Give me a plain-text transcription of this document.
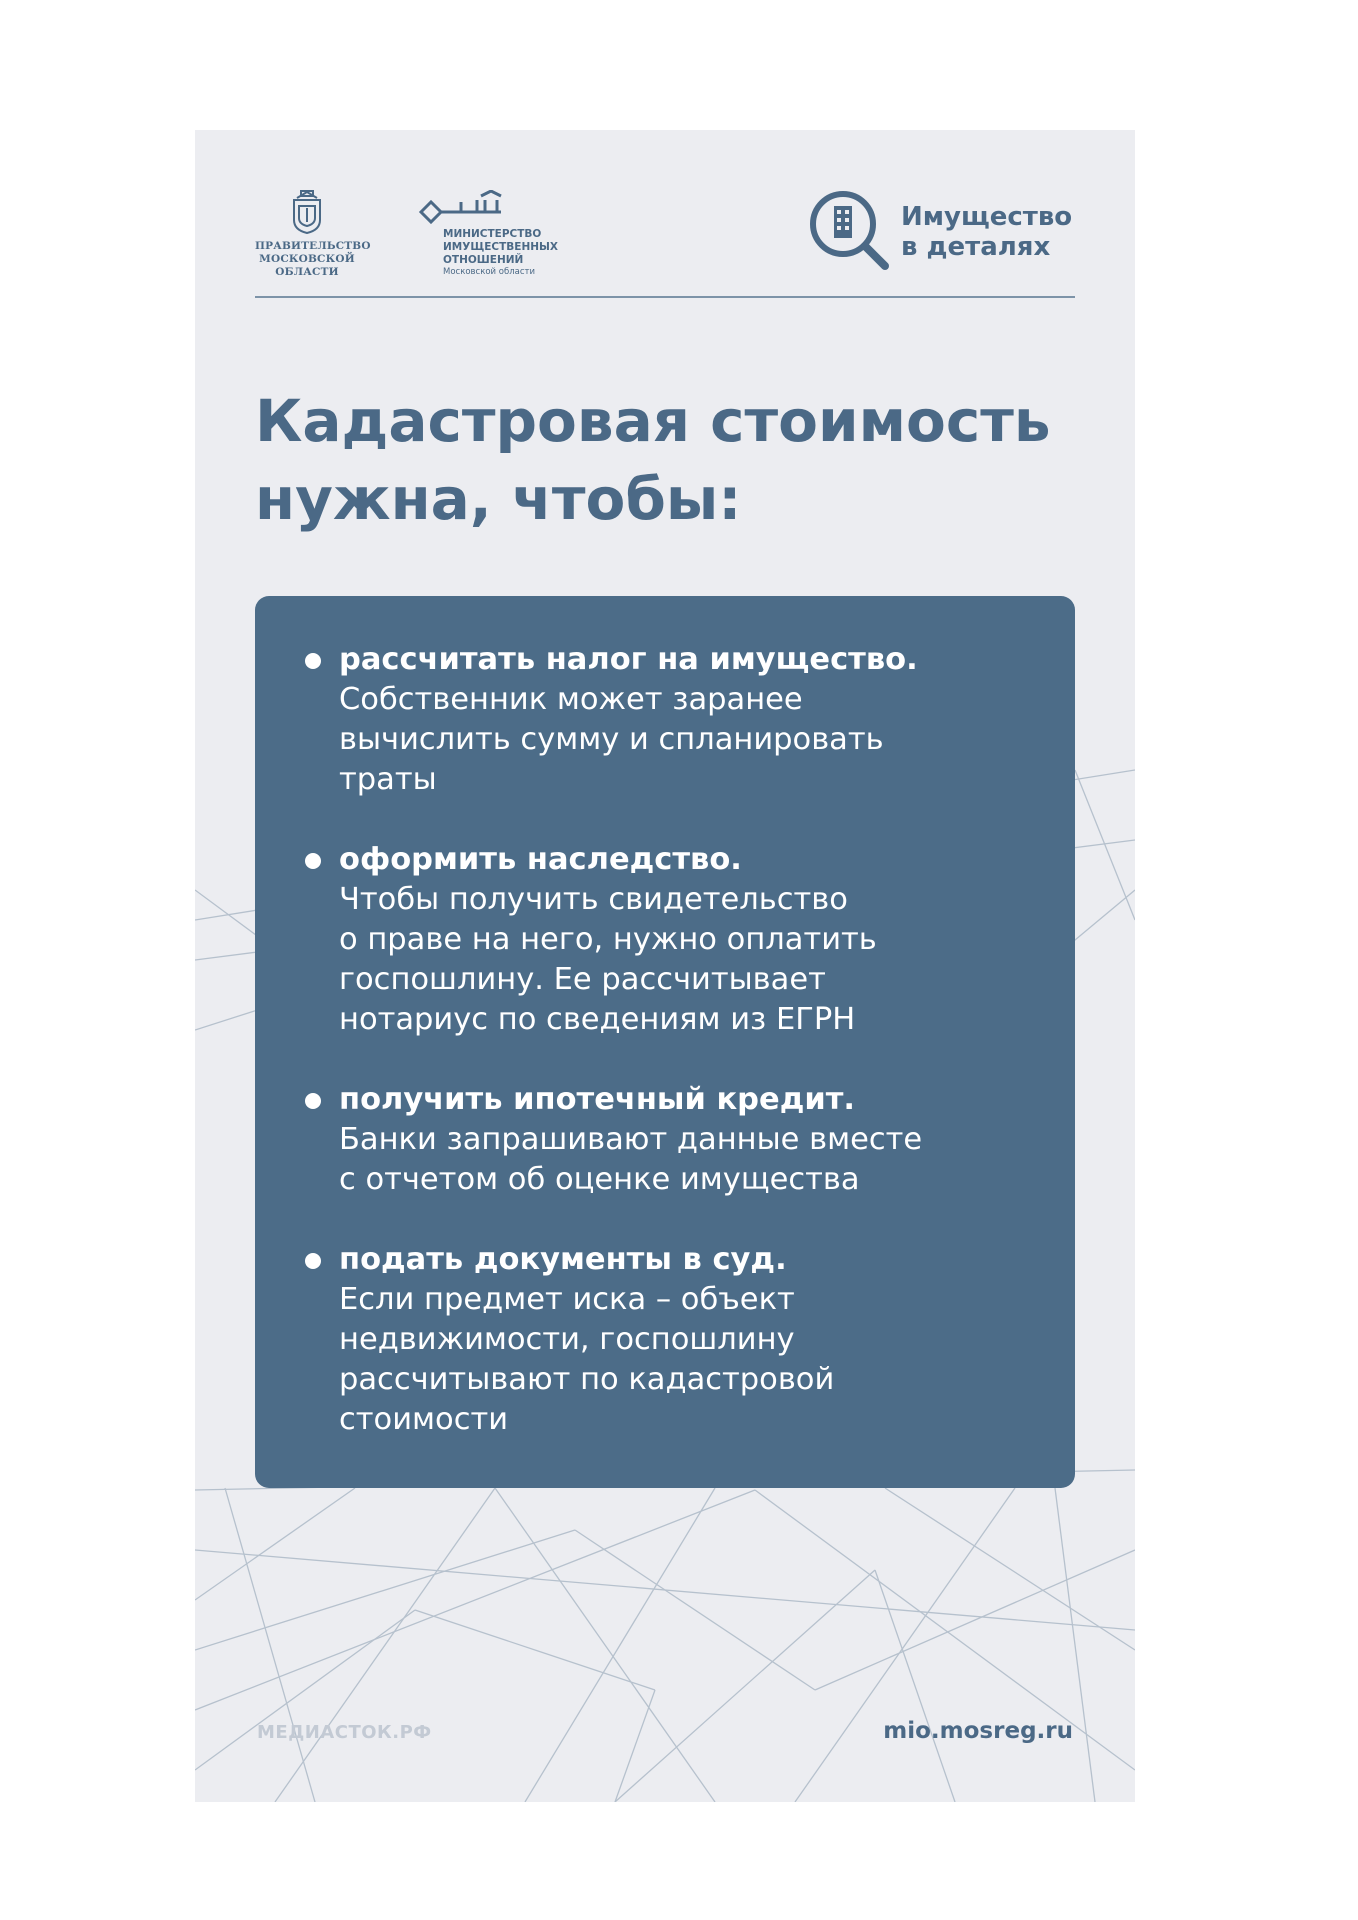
ПРАВИТЕЛЬСТВО
МОСКОВСКОЙ
ОБЛАСТИ
МИНИСТЕРСТВО
ИМУЩЕСТВЕННЫХ
ОТНОШЕНИЙ
Московской области
Имущество
в деталях
Кадастровая стоимость
нужна, чтобы:
рассчитать налог на имущество.
Собственник может заранее
вычислить сумму и спланировать
траты
оформить наследство.
Чтобы получить свидетельство
о праве на него, нужно оплатить
госпошлину. Ее рассчитывает
нотариус по сведениям из ЕГРН
получить ипотечный кредит.
Банки запрашивают данные вместе
с отчетом об оценке имущества
подать документы в суд.
Если предмет иска – объект
недвижимости, госпошлину
рассчитывают по кадастровой
стоимости
МЕДИАСТОК.РФ	mio.mosreg.ru
